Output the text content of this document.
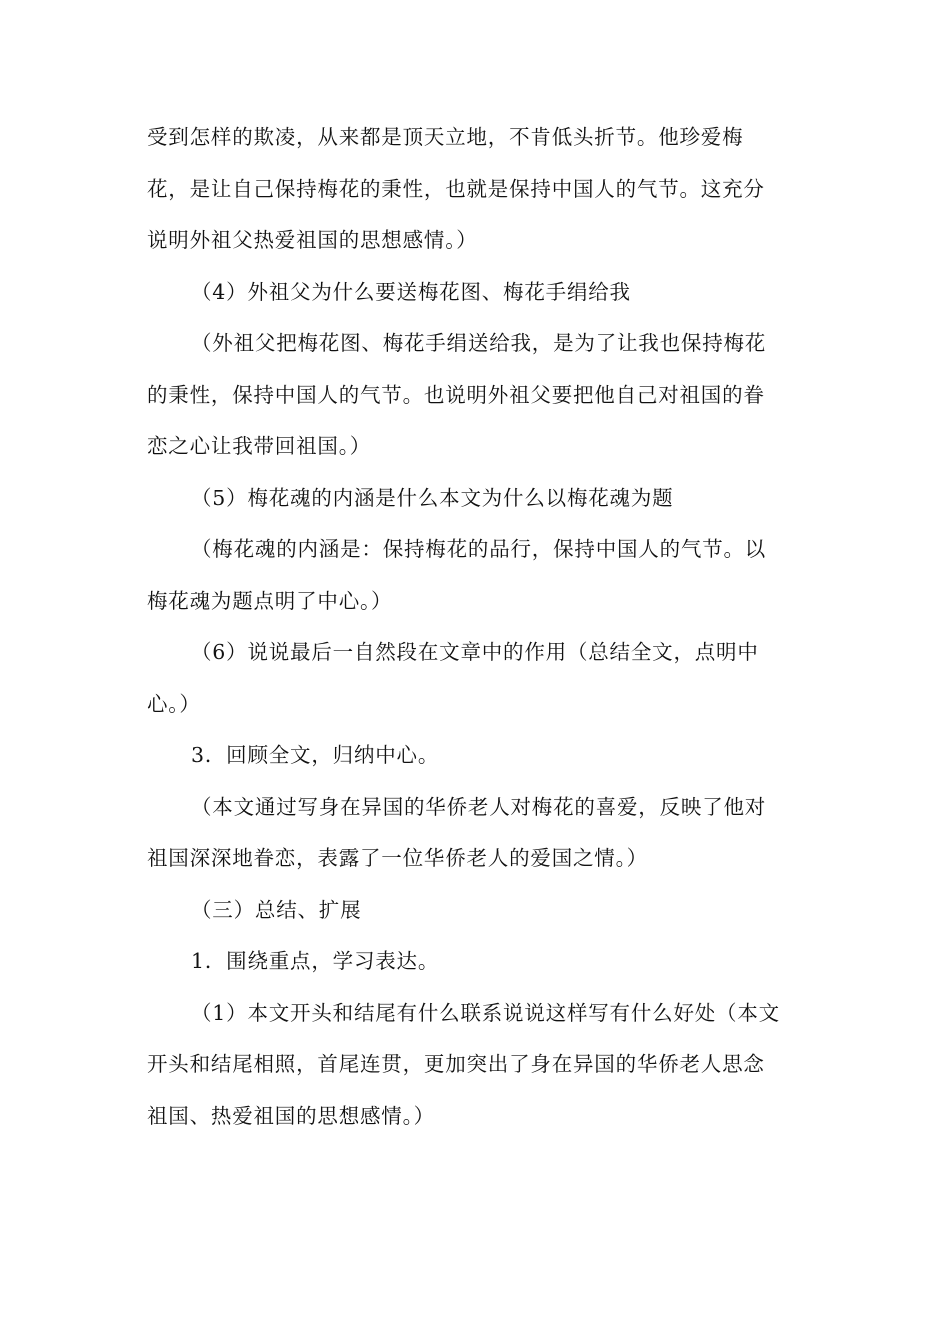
受到怎样的欺凌，从来都是顶天立地，不肯低头折节。他珍爱梅
花，是让自己保持梅花的秉性，也就是保持中国人的气节。这充分
说明外祖父热爱祖国的思想感情。）

（4）外祖父为什么要送梅花图、梅花手绢给我

（外祖父把梅花图、梅花手绢送给我，是为了让我也保持梅花
的秉性，保持中国人的气节。也说明外祖父要把他自己对祖国的眷
恋之心让我带回祖国。）

（5）梅花魂的内涵是什么本文为什么以梅花魂为题

（梅花魂的内涵是：保持梅花的品行，保持中国人的气节。以
梅花魂为题点明了中心。）

（6）说说最后一自然段在文章中的作用（总结全文，点明中
心。）

3．回顾全文，归纳中心。

（本文通过写身在异国的华侨老人对梅花的喜爱，反映了他对
祖国深深地眷恋，表露了一位华侨老人的爱国之情。）

（三）总结、扩展

1．围绕重点，学习表达。

（1）本文开头和结尾有什么联系说说这样写有什么好处（本文
开头和结尾相照，首尾连贯，更加突出了身在异国的华侨老人思念
祖国、热爱祖国的思想感情。）
